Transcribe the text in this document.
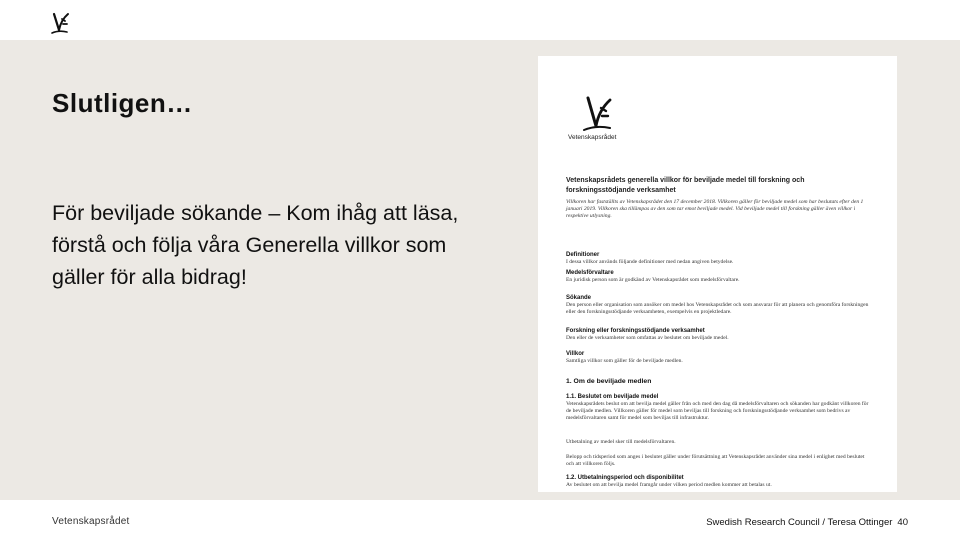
Slutligen…

För beviljade sökande – Kom ihåg att läsa, förstå och följa våra Generella villkor som gäller för alla bidrag!

Vetenskapsrådet
Vetenskapsrådets generella villkor för beviljade medel till forskning och forskningsstödjande verksamhet
Villkoren har fastställts av Vetenskapsrådet den 17 december 2018. Villkoren gäller för beviljade medel som har beslutats efter den 1 januari 2019. Villkoren ska tillämpas av den som tar emot beviljade medel. Vid beviljade medel till forskning gäller även villkor i respektive utlysning.
Definitioner
I dessa villkor används följande definitioner med nedan angiven betydelse.
Medelsförvaltare
En juridisk person som är godkänd av Vetenskapsrådet som medelsförvaltare.
Sökande
Den person eller organisation som ansöker om medel hos Vetenskapsrådet och som ansvarar för att planera och genomföra forskningen eller den forskningsstödjande verksamheten, exempelvis en projektledare.
Forskning eller forskningsstödjande verksamhet
Den eller de verksamheter som omfattas av beslutet om beviljade medel.
Villkor
Samtliga villkor som gäller för de beviljade medlen.
1. Om de beviljade medlen
1.1. Beslutet om beviljade medel
Vetenskapsrådets beslut om att bevilja medel gäller från och med den dag då medelsförvaltaren och sökanden har godkänt villkoren för de beviljade medlen. Villkoren gäller för medel som beviljas till forskning och forskningsstödjande verksamhet som bedrivs av medelsförvaltaren samt för medel som beviljas till infrastruktur.
Utbetalning av medel sker till medelsförvaltaren.
Belopp och tidsperiod som anges i beslutet gäller under förutsättning att Vetenskapsrådet använder sina medel i enlighet med beslutet och att villkoren följs.
1.2. Utbetalningsperiod och disponibilitet
Av beslutet om att bevilja medel framgår under vilken period medlen kommer att betalas ut.
Vetenskapsrådet	Swedish Research Council / Teresa Ottinger 40
